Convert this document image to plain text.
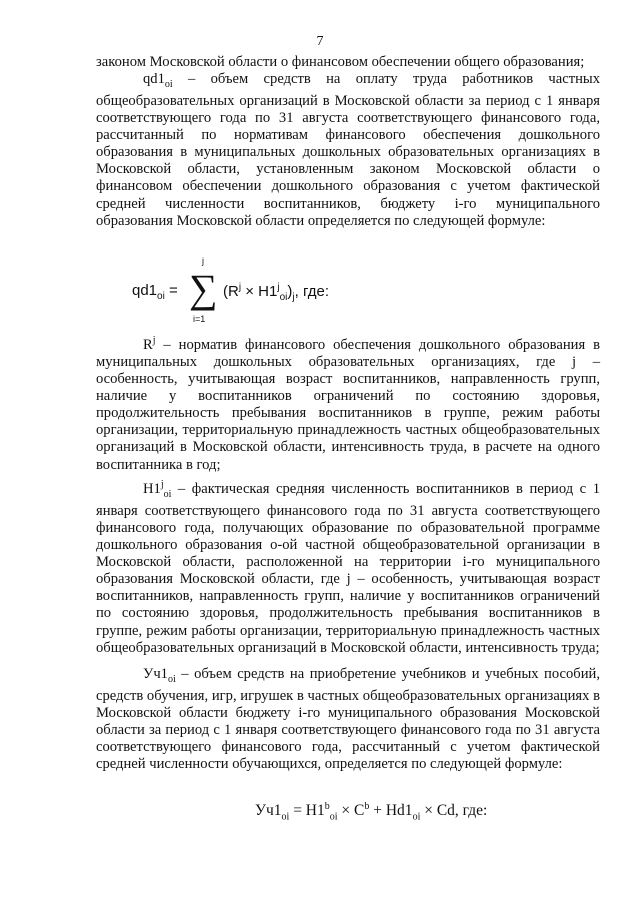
7

законом Московской области о финансовом обеспечении общего образования;

$qd1_{oi}$ – объем средств на оплату труда работников частных общеобразовательных организаций в Московской области за период с 1 января соответствующего года по 31 августа соответствующего финансового года, рассчитанный по нормативам финансового обеспечения дошкольного образования в муниципальных дошкольных образовательных организациях в Московской области, установленным законом Московской области о финансовом обеспечении дошкольного образования с учетом фактической средней численности воспитанников, бюджету i-го муниципального образования Московской области определяется по следующей формуле:

$qd1_{oi}$ =
j
∑
i=1
$(R^j \times H1^j_{oi})_j$, где:

$R^j$ – норматив финансового обеспечения дошкольного образования в муниципальных дошкольных образовательных организациях, где j – особенность, учитывающая возраст воспитанников, направленность групп, наличие у воспитанников ограничений по состоянию здоровья, продолжительность пребывания воспитанников в группе, режим работы организации, территориальную принадлежность частных общеобразовательных организаций в Московской области, интенсивность труда, в расчете на одного воспитанника в год;

$H1^j_{oi}$ – фактическая средняя численность воспитанников в период с 1 января соответствующего финансового года по 31 августа соответствующего финансового года, получающих образование по образовательной программе дошкольного образования о-ой частной общеобразовательной организации в Московской области, расположенной на территории i-го муниципального образования Московской области, где j – особенность, учитывающая возраст воспитанников, направленность групп, наличие у воспитанников ограничений по состоянию здоровья, продолжительность пребывания воспитанников в группе, режим работы организации, территориальную принадлежность частных общеобразовательных организаций в Московской области, интенсивность труда;

$Уч1_{oi}$ – объем средств на приобретение учебников и учебных пособий, средств обучения, игр, игрушек в частных общеобразовательных организациях в Московской области бюджету i-го муниципального образования Московской области за период с 1 января соответствующего финансового года по 31 августа соответствующего финансового года, рассчитанный с учетом фактической средней численности обучающихся, определяется по следующей формуле:

$Уч1_{oi} = H1^b_{oi} \times C^b + Hd1_{oi} \times Cd$, где:
